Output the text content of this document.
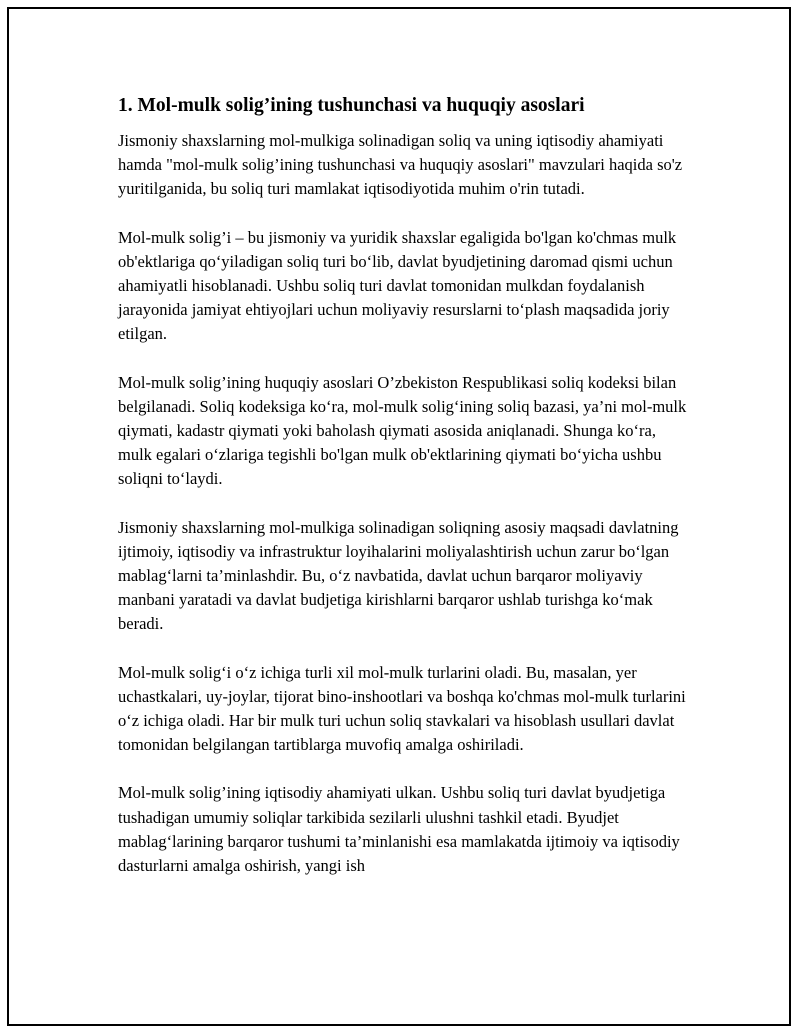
1. Mol-mulk solig’ining tushunchasi va huquqiy asoslari

Jismoniy shaxslarning mol-mulkiga solinadigan soliq va uning iqtisodiy ahamiyati hamda "mol-mulk solig’ining tushunchasi va huquqiy asoslari" mavzulari haqida so'z yuritilganida, bu soliq turi mamlakat iqtisodiyotida muhim o'rin tutadi.

Mol-mulk solig’i – bu jismoniy va yuridik shaxslar egaligida bo'lgan ko'chmas mulk ob'ektlariga qo‘yiladigan soliq turi bo‘lib, davlat byudjetining daromad qismi uchun ahamiyatli hisoblanadi. Ushbu soliq turi davlat tomonidan mulkdan foydalanish jarayonida jamiyat ehtiyojlari uchun moliyaviy resurslarni to‘plash maqsadida joriy etilgan.

Mol-mulk solig’ining huquqiy asoslari O’zbekiston Respublikasi soliq kodeksi bilan belgilanadi. Soliq kodeksiga ko‘ra, mol-mulk solig‘ining soliq bazasi, ya’ni mol-mulk qiymati, kadastr qiymati yoki baholash qiymati asosida aniqlanadi. Shunga ko‘ra, mulk egalari o‘zlariga tegishli bo'lgan mulk ob'ektlarining qiymati bo‘yicha ushbu soliqni to‘laydi.

Jismoniy shaxslarning mol-mulkiga solinadigan soliqning asosiy maqsadi davlatning ijtimoiy, iqtisodiy va infrastruktur loyihalarini moliyalashtirish uchun zarur bo‘lgan mablag‘larni ta’minlashdir. Bu, o‘z navbatida, davlat uchun barqaror moliyaviy manbani yaratadi va davlat budjetiga kirishlarni barqaror ushlab turishga ko‘mak beradi.

Mol-mulk solig‘i o‘z ichiga turli xil mol-mulk turlarini oladi. Bu, masalan, yer uchastkalari, uy-joylar, tijorat bino-inshootlari va boshqa ko'chmas mol-mulk turlarini o‘z ichiga oladi. Har bir mulk turi uchun soliq stavkalari va hisoblash usullari davlat tomonidan belgilangan tartiblarga muvofiq amalga oshiriladi.

Mol-mulk solig’ining iqtisodiy ahamiyati ulkan. Ushbu soliq turi davlat byudjetiga tushadigan umumiy soliqlar tarkibida sezilarli ulushni tashkil etadi. Byudjet mablag‘larining barqaror tushumi ta’minlanishi esa mamlakatda ijtimoiy va iqtisodiy dasturlarni amalga oshirish, yangi ish
